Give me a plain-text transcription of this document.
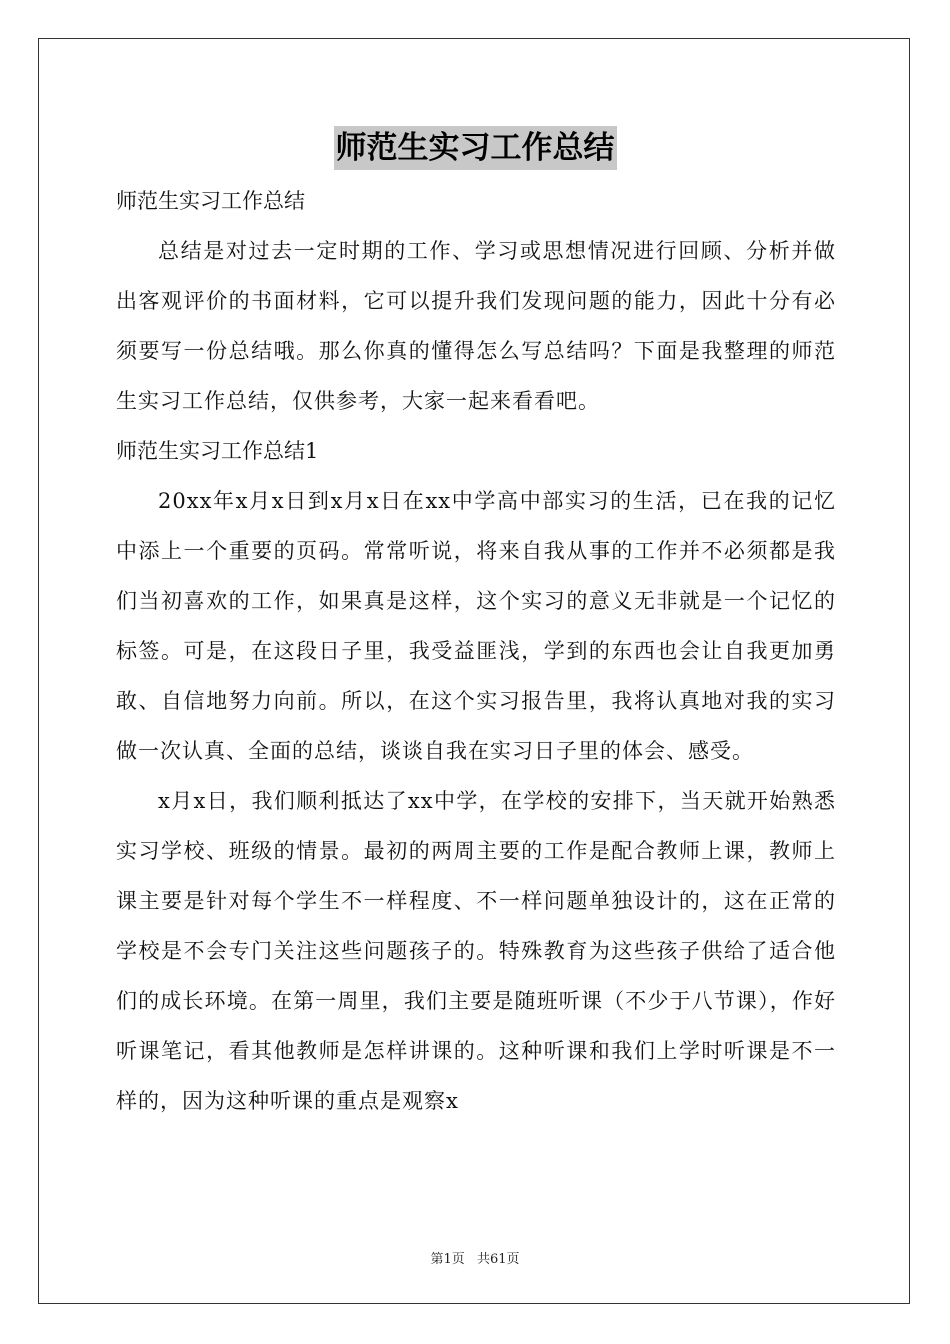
师范生实习工作总结

师范生实习工作总结

总结是对过去一定时期的工作、学习或思想情况进行回顾、分析并做出客观评价的书面材料，它可以提升我们发现问题的能力，因此十分有必须要写一份总结哦。那么你真的懂得怎么写总结吗？下面是我整理的师范生实习工作总结，仅供参考，大家一起来看看吧。

师范生实习工作总结1

20xx年x月x日到x月x日在xx中学高中部实习的生活，已在我的记忆中添上一个重要的页码。常常听说，将来自我从事的工作并不必须都是我们当初喜欢的工作，如果真是这样，这个实习的意义无非就是一个记忆的标签。可是，在这段日子里，我受益匪浅，学到的东西也会让自我更加勇敢、自信地努力向前。所以，在这个实习报告里，我将认真地对我的实习做一次认真、全面的总结，谈谈自我在实习日子里的体会、感受。

x月x日，我们顺利抵达了xx中学，在学校的安排下，当天就开始熟悉实习学校、班级的情景。最初的两周主要的工作是配合教师上课，教师上课主要是针对每个学生不一样程度、不一样问题单独设计的，这在正常的学校是不会专门关注这些问题孩子的。特殊教育为这些孩子供给了适合他们的成长环境。在第一周里，我们主要是随班听课（不少于八节课），作好听课笔记，看其他教师是怎样讲课的。这种听课和我们上学时听课是不一样的，因为这种听课的重点是观察x

第1页 共61页
